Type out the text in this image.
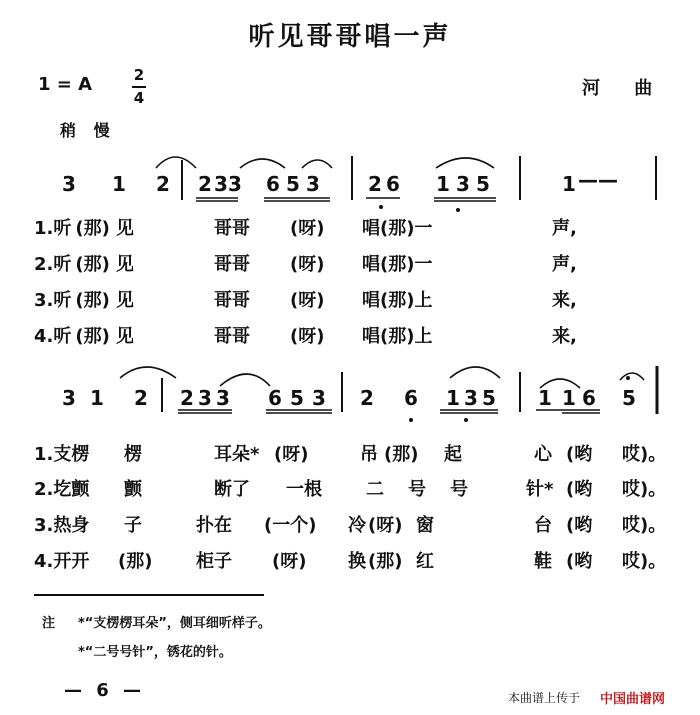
听见哥哥唱一声
1 = A	2
4	河 曲
稍 慢
3 1 2 2 3 3 6 5 3 2 6 1 3 5	1 ——
1.听 (那) 见	哥哥 (呀) 唱(那)一	声,
2.听 (那) 见	哥哥 (呀) 唱(那)一	声,
3.听 (那) 见	哥哥 (呀) 唱(那)上	来,
4.听 (那) 见	哥哥 (呀) 唱(那)上	来,
3 1 2 2 3 3 6 5 3 2 6 1 3 5 1 1 6 5
1.支楞 楞	耳朵* (呀)	吊 (那) 起	心 (哟 哎)。
2.圪颤 颤	断了 一根 二 号 号	针* (哟 哎)。
3.热身 子	扑在 (一个) 冷 (呀) 窗	台 (哟 哎)。
4.开开 (那) 柜子 (呀) 换 (那) 红	鞋 (哟 哎)。
注 *“支楞楞耳朵”，侧耳细听样子。
*“二号号针”，锈花的针。
— 6 —	本曲谱上传于 中国曲谱网
